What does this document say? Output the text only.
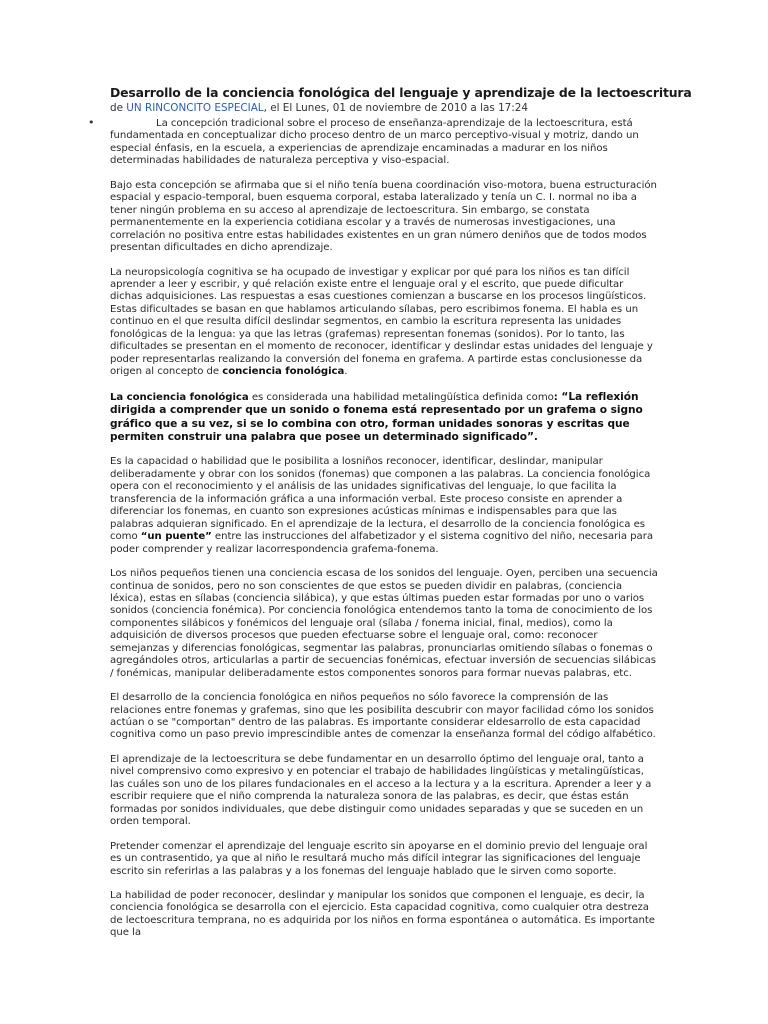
•
Desarrollo de la conciencia fonológica del lenguaje y aprendizaje de la lectoescritura
de UN RINCONCITO ESPECIAL, el El Lunes, 01 de noviembre de 2010 a las 17:24

La concepción tradicional sobre el proceso de enseñanza-aprendizaje de la lectoescritura, está fundamentada en conceptualizar dicho proceso dentro de un marco perceptivo-visual y motriz, dando un especial énfasis, en la escuela, a experiencias de aprendizaje encaminadas a madurar en los niños determinadas habilidades de naturaleza perceptiva y viso-espacial.

Bajo esta concepción se afirmaba que si el niño tenía buena coordinación viso-motora, buena estructuración espacial y espacio-temporal, buen esquema corporal, estaba lateralizado y tenía un C. I. normal no iba a tener ningún problema en su acceso al aprendizaje de lectoescritura. Sin embargo, se constata permanentemente en la experiencia cotidiana escolar y a través de numerosas investigaciones, una correlación no positiva entre estas habilidades existentes en un gran número deniños que de todos modos presentan dificultades en dicho aprendizaje.

La neuropsicología cognitiva se ha ocupado de investigar y explicar por qué para los niños es tan difícil aprender a leer y escribir, y qué relación existe entre el lenguaje oral y el escrito, que puede dificultar dichas adquisiciones. Las respuestas a esas cuestiones comienzan a buscarse en los procesos lingüísticos. Estas dificultades se basan en que hablamos articulando sílabas, pero escribimos fonema. El habla es un continuo en el que resulta difícil deslindar segmentos, en cambio la escritura representa las unidades fonológicas de la lengua: ya que las letras (grafemas) representan fonemas (sonidos). Por lo tanto, las dificultades se presentan en el momento de reconocer, identificar y deslindar estas unidades del lenguaje y poder representarlas realizando la conversión del fonema en grafema. A partirde estas conclusionesse da origen al concepto de conciencia fonológica.

La conciencia fonológica es considerada una habilidad metalingüística definida como: “La reflexión dirigida a comprender que un sonido o fonema está representado por un grafema o signo gráfico que a su vez, si se lo combina con otro, forman unidades sonoras y escritas que permiten construir una palabra que posee un determinado significado”.

Es la capacidad o habilidad que le posibilita a losniños reconocer, identificar, deslindar, manipular deliberadamente y obrar con los sonidos (fonemas) que componen a las palabras. La conciencia fonológica opera con el reconocimiento y el análisis de las unidades significativas del lenguaje, lo que facilita la transferencia de la información gráfica a una información verbal. Este proceso consiste en aprender a diferenciar los fonemas, en cuanto son expresiones acústicas mínimas e indispensables para que las palabras adquieran significado. En el aprendizaje de la lectura, el desarrollo de la conciencia fonológica es como “un puente” entre las instrucciones del alfabetizador y el sistema cognitivo del niño, necesaria para poder comprender y realizar lacorrespondencia grafema-fonema.

Los niños pequeños tienen una conciencia escasa de los sonidos del lenguaje. Oyen, perciben una secuencia continua de sonidos, pero no son conscientes de que estos se pueden dividir en palabras, (conciencia léxica), estas en sílabas (conciencia silábica), y que estas últimas pueden estar formadas por uno o varios sonidos (conciencia fonémica). Por conciencia fonológica entendemos tanto la toma de conocimiento de los componentes silábicos y fonémicos del lenguaje oral (sílaba / fonema inicial, final, medios), como la adquisición de diversos procesos que pueden efectuarse sobre el lenguaje oral, como: reconocer semejanzas y diferencias fonológicas, segmentar las palabras, pronunciarlas omitiendo sílabas o fonemas o agregándoles otros, articularlas a partir de secuencias fonémicas, efectuar inversión de secuencias silábicas / fonémicas, manipular deliberadamente estos componentes sonoros para formar nuevas palabras, etc.

El desarrollo de la conciencia fonológica en niños pequeños no sólo favorece la comprensión de las relaciones entre fonemas y grafemas, sino que les posibilita descubrir con mayor facilidad cómo los sonidos actúan o se "comportan" dentro de las palabras. Es importante considerar eldesarrollo de esta capacidad cognitiva como un paso previo imprescindible antes de comenzar la enseñanza formal del código alfabético.

El aprendizaje de la lectoescritura se debe fundamentar en un desarrollo óptimo del lenguaje oral, tanto a nivel comprensivo como expresivo y en potenciar el trabajo de habilidades lingüísticas y metalingüísticas, las cuáles son uno de los pilares fundacionales en el acceso a la lectura y a la escritura. Aprender a leer y a escribir requiere que el niño comprenda la naturaleza sonora de las palabras, es decir, que éstas están formadas por sonidos individuales, que debe distinguir como unidades separadas y que se suceden en un orden temporal.

Pretender comenzar el aprendizaje del lenguaje escrito sin apoyarse en el dominio previo del lenguaje oral es un contrasentido, ya que al niño le resultará mucho más difícil integrar las significaciones del lenguaje escrito sin referirlas a las palabras y a los fonemas del lenguaje hablado que le sirven como soporte.

La habilidad de poder reconocer, deslindar y manipular los sonidos que componen el lenguaje, es decir, la conciencia fonológica se desarrolla con el ejercicio. Esta capacidad cognitiva, como cualquier otra destreza de lectoescritura temprana, no es adquirida por los niños en forma espontánea o automática. Es importante que la
